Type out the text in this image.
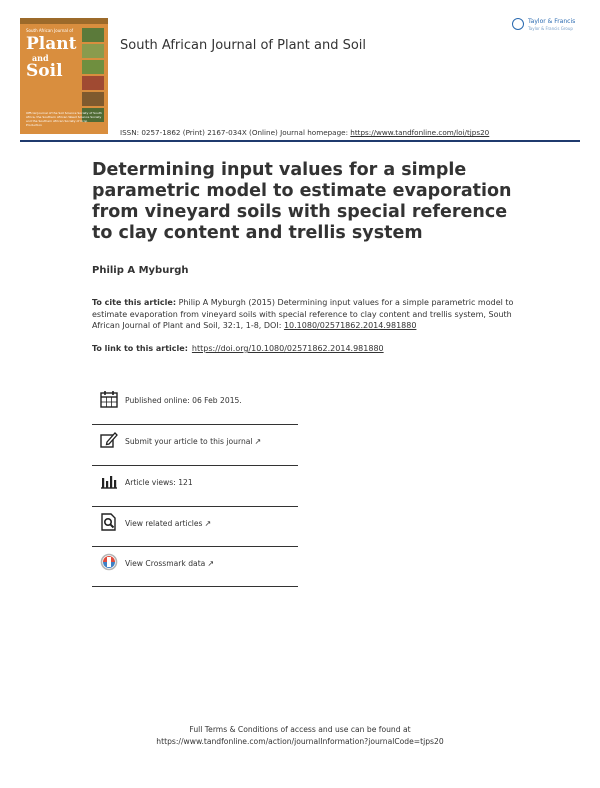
South African Journal of
Plant
and
Soil
Official Journal of the Soil Science Society of South Africa, the Southern African Weed Science Society and the Southern African Society of Crop Production
South African Journal of Plant and Soil
Taylor & Francis
Taylor & Francis Group
ISSN: 0257-1862 (Print) 2167-034X (Online) Journal homepage: https://www.tandfonline.com/loi/tjps20
Determining input values for a simple parametric model to estimate evaporation from vineyard soils with special reference to clay content and trellis system
Philip A Myburgh
To cite this article: Philip A Myburgh (2015) Determining input values for a simple parametric model to estimate evaporation from vineyard soils with special reference to clay content and trellis system, South African Journal of Plant and Soil, 32:1, 1-8, DOI: 10.1080/02571862.2014.981880
To link to this article: https://doi.org/10.1080/02571862.2014.981880
Published online: 06 Feb 2015.
Submit your article to this journal ↗
Article views: 121
View related articles ↗
View Crossmark data ↗
Full Terms & Conditions of access and use can be found at
https://www.tandfonline.com/action/journalInformation?journalCode=tjps20
